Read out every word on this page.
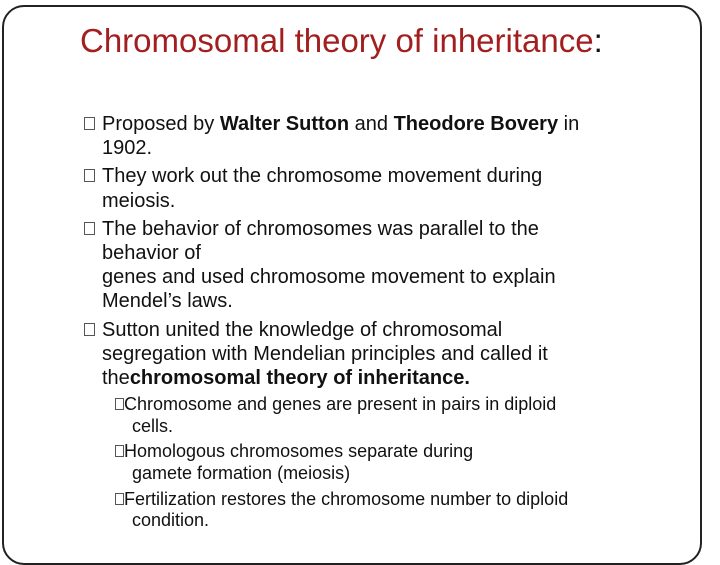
Chromosomal theory of inheritance:
Proposed by Walter Sutton and Theodore Bovery in
1902.
They work out the chromosome movement during
meiosis.
The behavior of chromosomes was parallel to the
behavior of
genes and used chromosome movement to explain
Mendel’s laws.
Sutton united the knowledge of chromosomal
segregation with Mendelian principles and called it
thechromosomal theory of inheritance.
Chromosome and genes are present in pairs in diploid
cells.
Homologous chromosomes separate during
gamete formation (meiosis)
Fertilization restores the chromosome number to diploid
condition.
